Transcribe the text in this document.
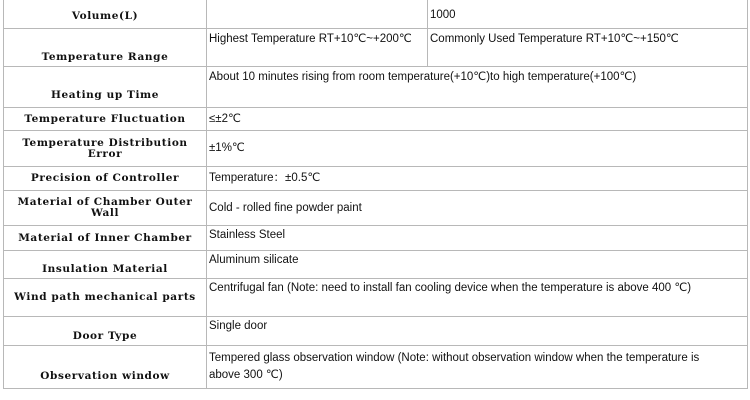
Volume(L)		1000
Temperature Range	Highest Temperature RT+10℃~+200℃	Commonly Used Temperature RT+10℃~+150℃
Heating up Time	About 10 minutes rising from room temperature(+10℃)to high temperature(+100℃)	

Temperature Fluctuation	≤±2℃	
Temperature Distribution Error	±1%℃	
Precision of Controller	Temperature：±0.5℃	
Material of Chamber Outer Wall	Cold - rolled fine powder paint	
Material of Inner Chamber	Stainless Steel	
Insulation Material	Aluminum silicate	
Wind path mechanical parts	Centrifugal fan (Note: need to install fan cooling device when the temperature is above 400 ℃)	

Door Type	Single door	
Observation window	Tempered glass observation window (Note: without observation window when the temperature is above 300 ℃)	
